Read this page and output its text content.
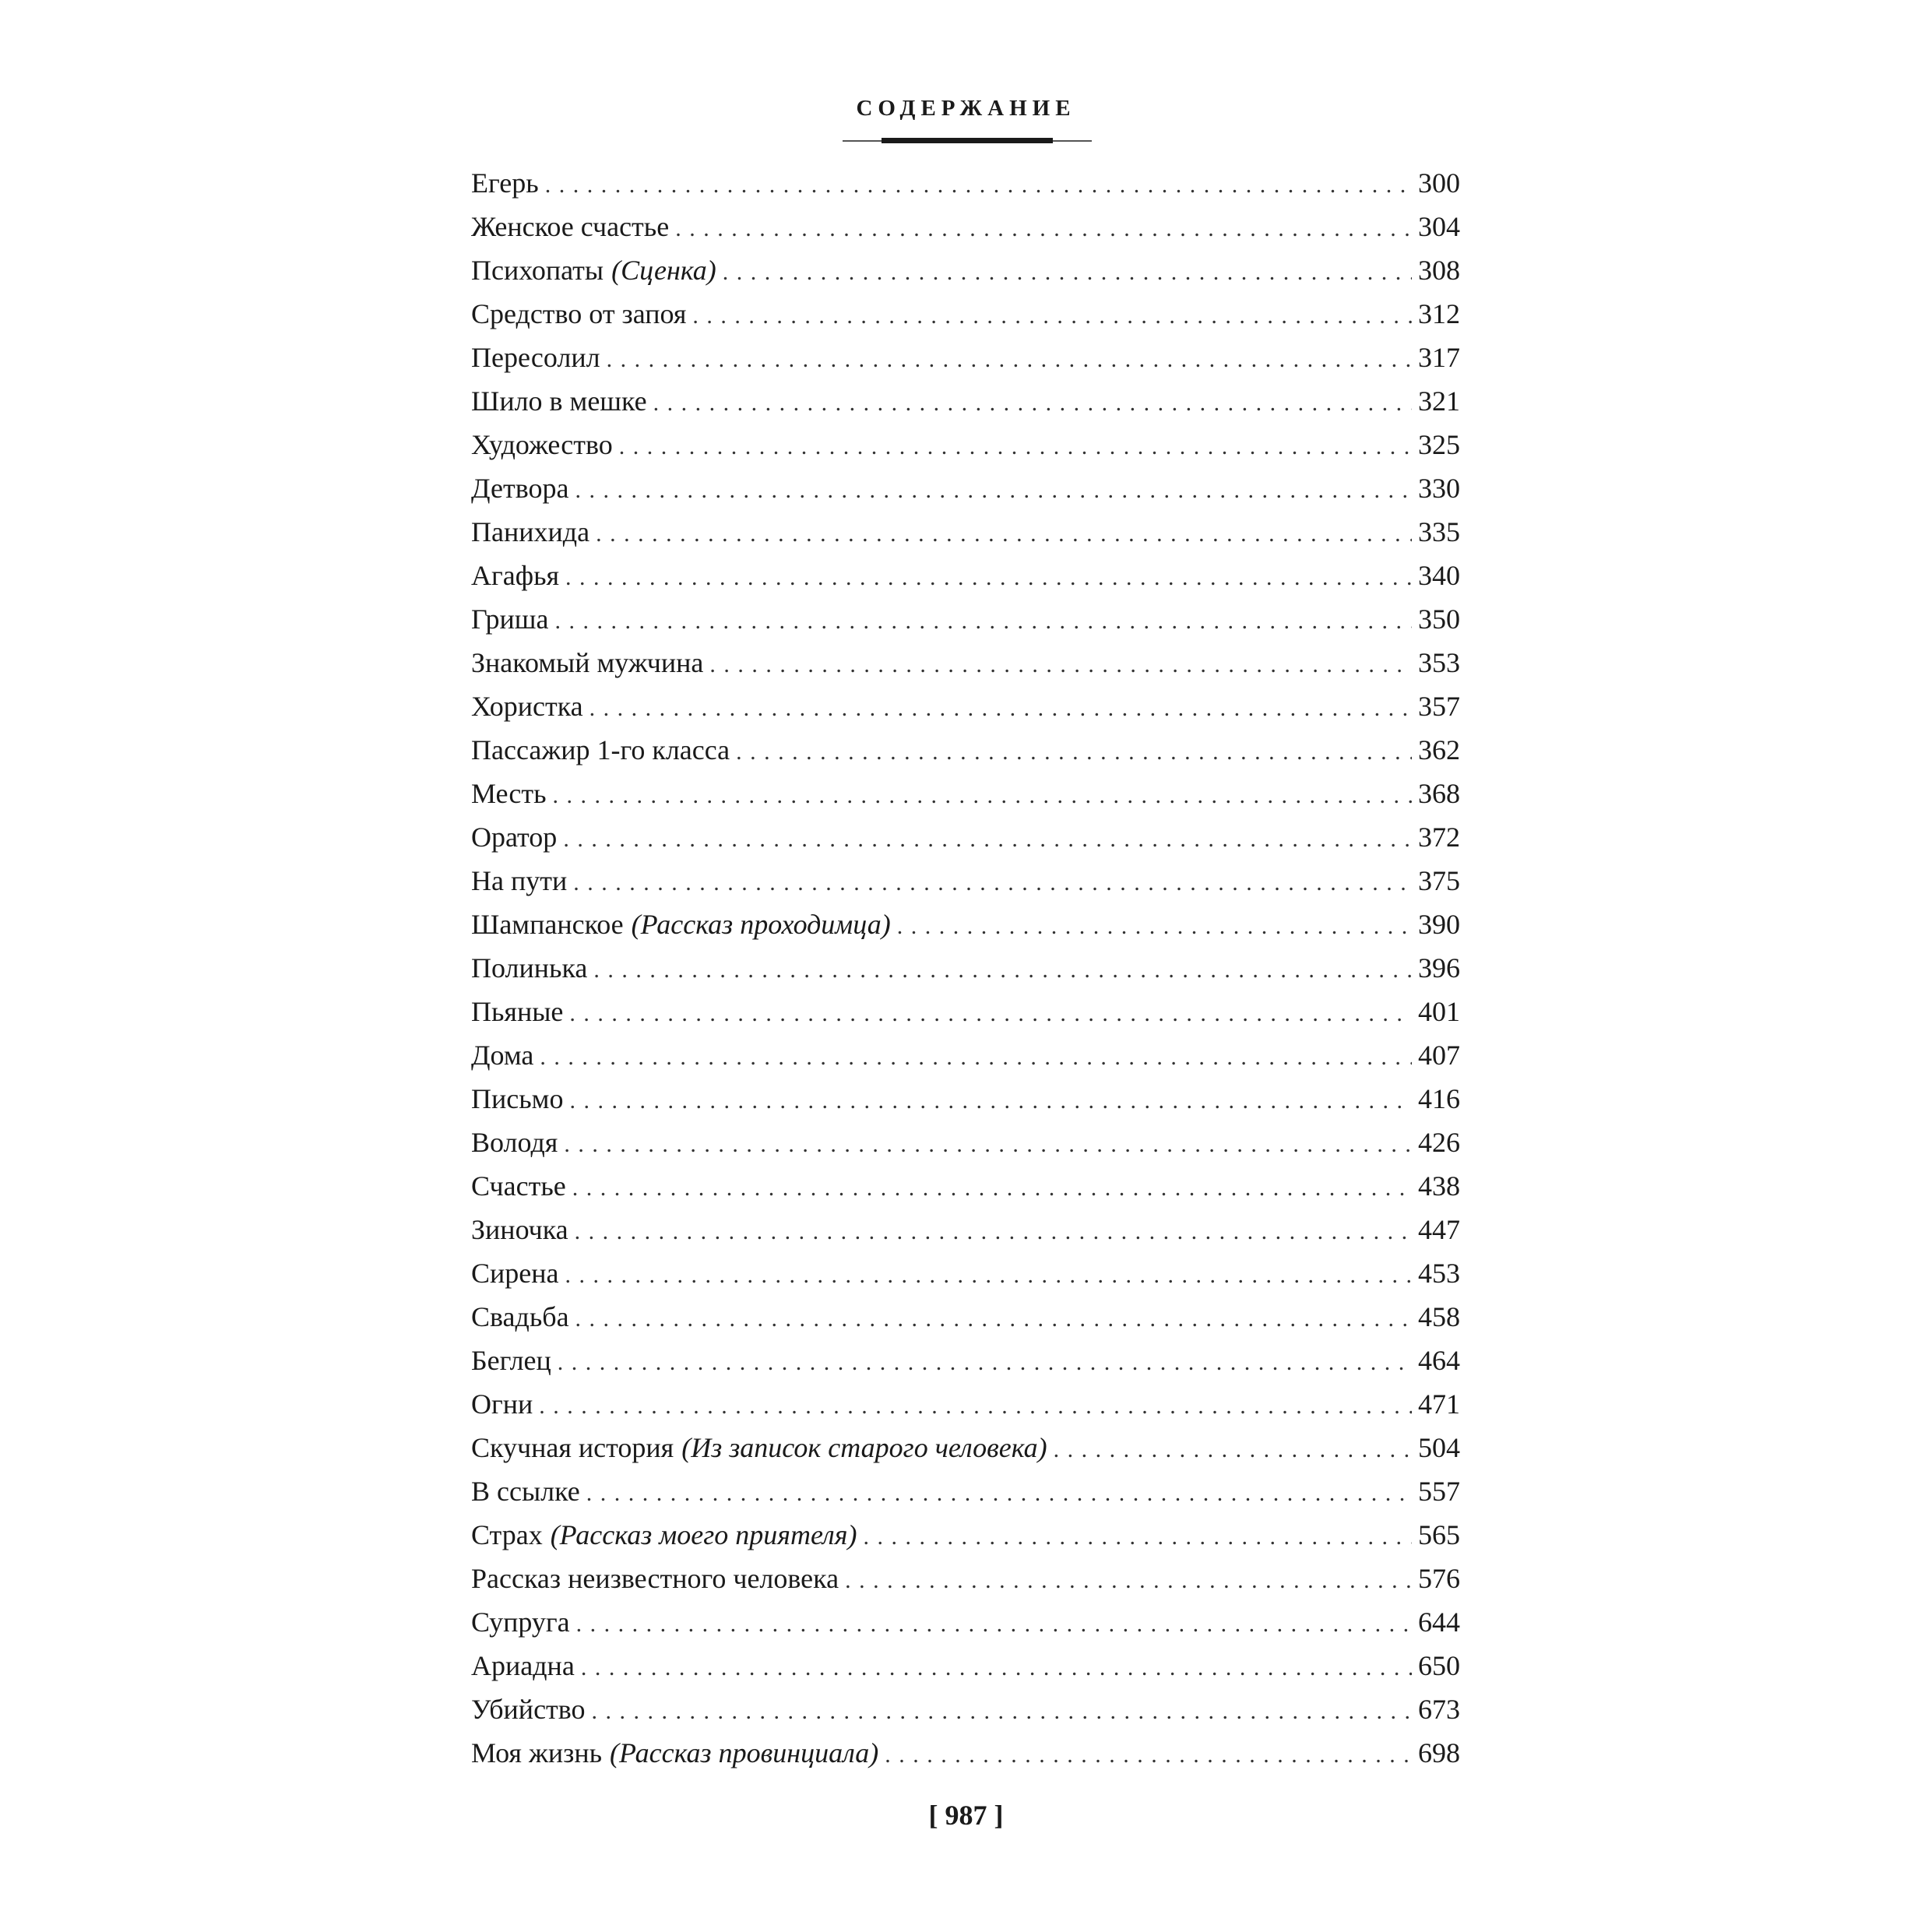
СОДЕРЖАНИЕ
Егерь . . .	300
Женское счастье . . .	304
Психопаты (Сценка) . . .	308
Средство от запоя . . .	312
Пересолил . . .	317
Шило в мешке . . .	321
Художество . . .	325
Детвора . . .	330
Панихида . . .	335
Агафья . . .	340
Гриша . . .	350
Знакомый мужчина . . .	353
Хористка . . .	357
Пассажир 1-го класса . . .	362
Месть . . .	368
Оратор . . .	372
На пути . . .	375
Шампанское (Рассказ проходимца) . . .	390
Полинька . . .	396
Пьяные . . .	401
Дома . . .	407
Письмо . . .	416
Володя . . .	426
Счастье . . .	438
Зиночка . . .	447
Сирена . . .	453
Свадьба . . .	458
Беглец . . .	464
Огни . . .	471
Скучная история (Из записок старого человека) . . .	504
В ссылке . . .	557
Страх (Рассказ моего приятеля) . . .	565
Рассказ неизвестного человека . . .	576
Супруга . . .	644
Ариадна . . .	650
Убийство . . .	673
Моя жизнь (Рассказ провинциала) . . .	698
[ 987 ]
